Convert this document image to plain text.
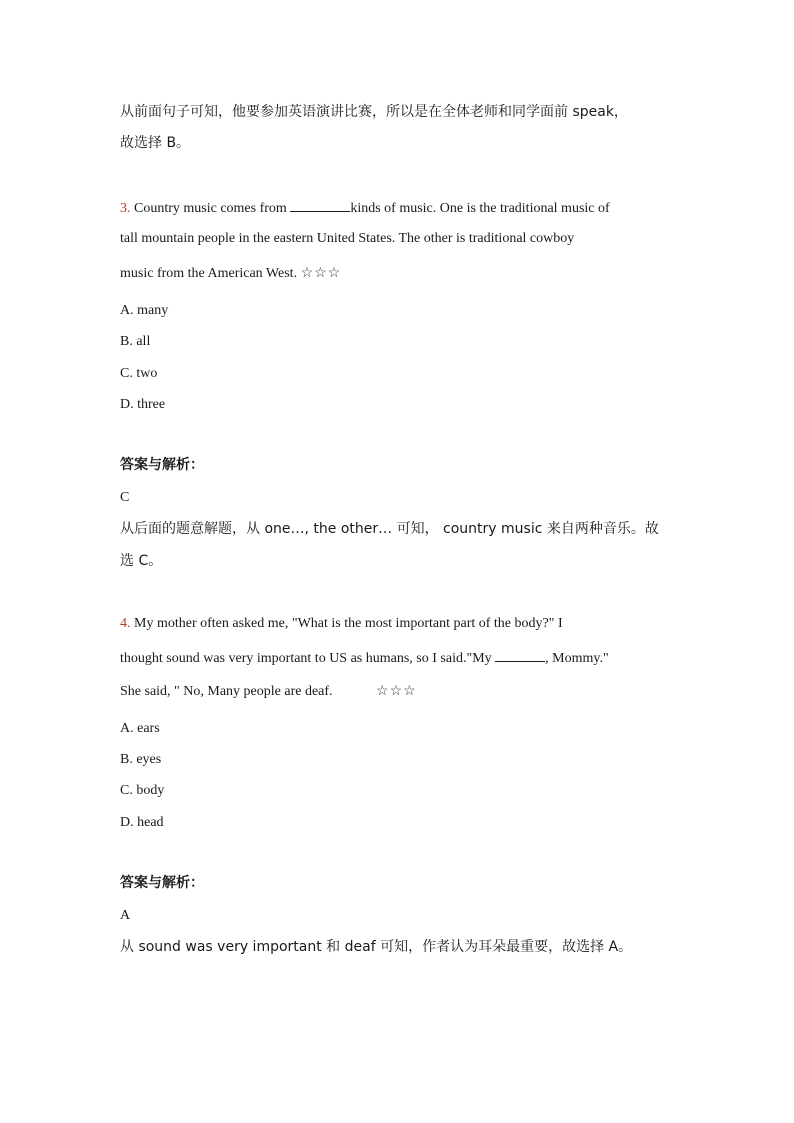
从前面句子可知，他要参加英语演讲比赛，所以是在全体老师和同学面前 speak，
故选择 B。
3. Country music comes from	kinds of music. One is the traditional music of
tall mountain people in the eastern United States. The other is traditional cowboy
music from the American West. ☆☆☆
A. many
B. all
C. two
D. three
答案与解析：
C
从后面的题意解题，从 one…, the other… 可知， country music 来自两种音乐。故
选 C。
4. My mother often asked me, "What is the most important part of the body?" I
thought sound was very important to US as humans, so I said."My	, Mommy."
She said, " No, Many people are deaf.	☆☆☆
A. ears
B. eyes
C. body
D. head
答案与解析：
A
从 sound was very important 和 deaf 可知，作者认为耳朵最重要，故选择 A。
